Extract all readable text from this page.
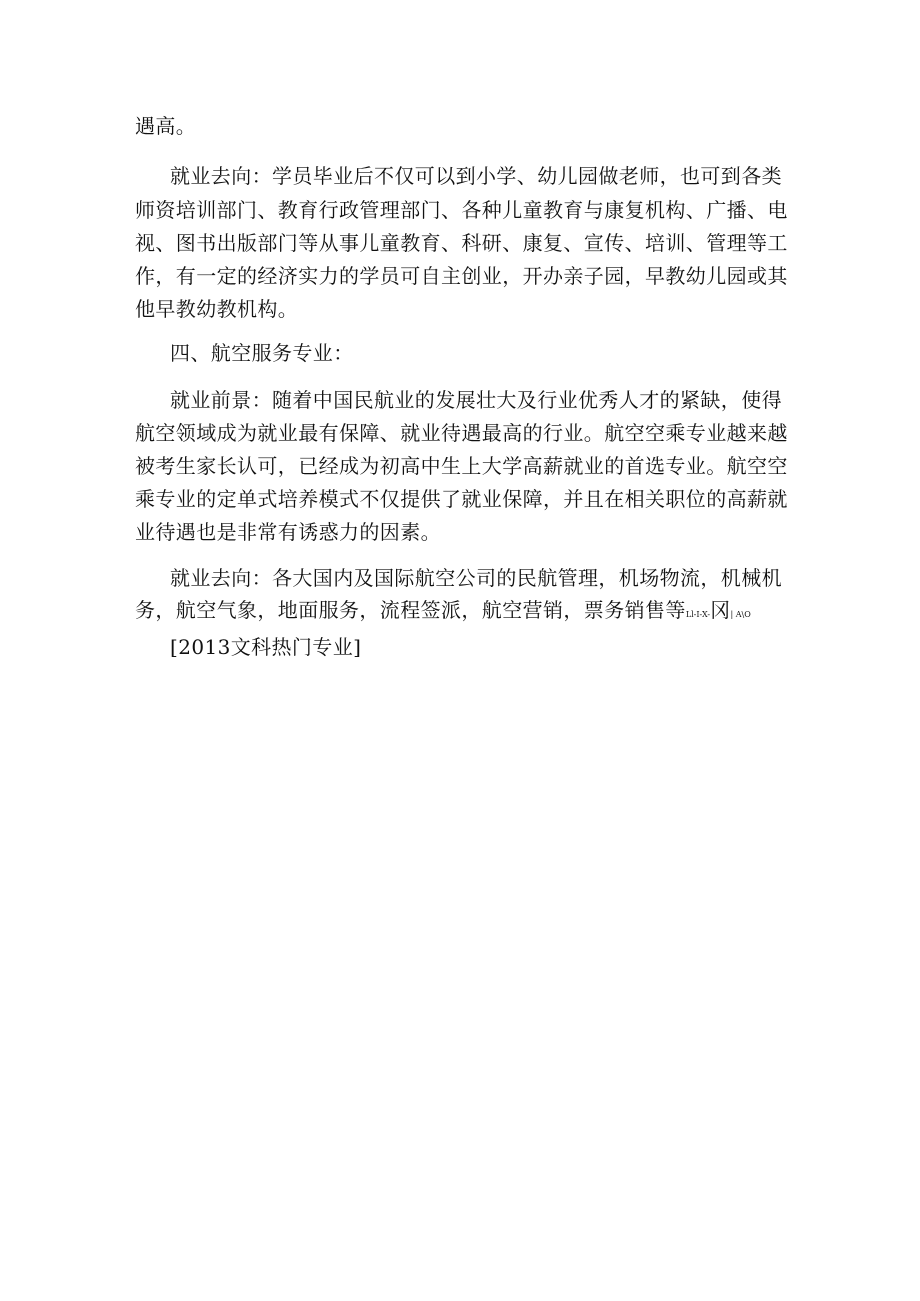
遇高。
就业去向：学员毕业后不仅可以到小学、幼儿园做老师，也可到各类
师资培训部门、教育行政管理部门、各种儿童教育与康复机构、广播、电
视、图书出版部门等从事儿童教育、科研、康复、宣传、培训、管理等工
作，有一定的经济实力的学员可自主创业，开办亲子园，早教幼儿园或其
他早教幼教机构。
四、航空服务专业：
就业前景：随着中国民航业的发展壮大及行业优秀人才的紧缺，使得
航空领域成为就业最有保障、就业待遇最高的行业。航空空乘专业越来越
被考生家长认可，已经成为初高中生上大学高薪就业的首选专业。航空空
乘专业的定单式培养模式不仅提供了就业保障，并且在相关职位的高薪就
业待遇也是非常有诱惑力的因素。
就业去向：各大国内及国际航空公司的民航管理，机场物流，机械机
务，航空气象，地面服务，流程签派，航空营销，票务销售等Ll-I-X-冈| A\O
[2013文科热门专业]
